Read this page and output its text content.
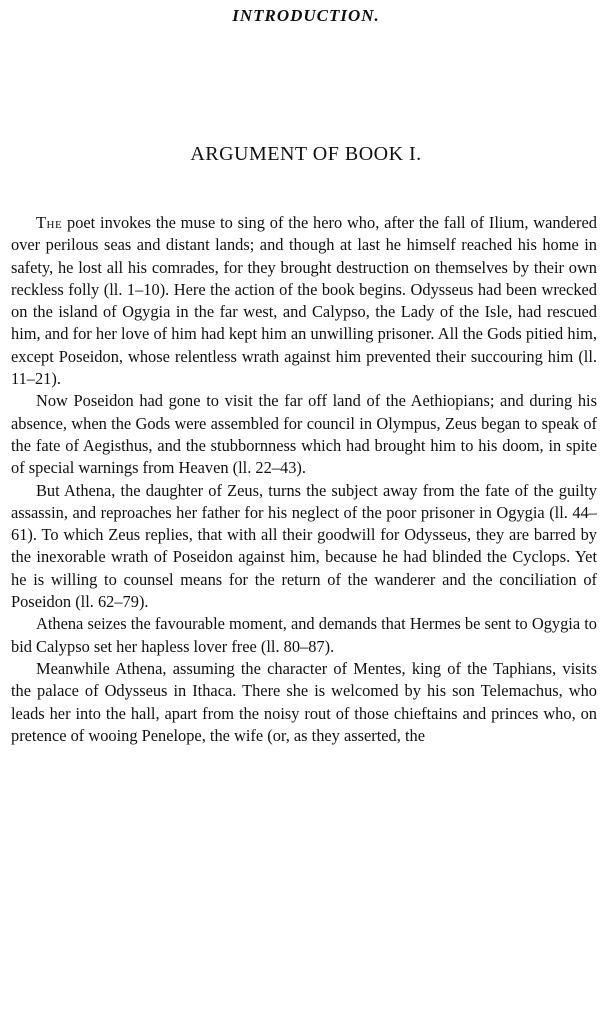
INTRODUCTION.
ARGUMENT OF BOOK I.

The poet invokes the muse to sing of the hero who, after the fall of Ilium, wandered over perilous seas and distant lands; and though at last he himself reached his home in safety, he lost all his comrades, for they brought destruction on themselves by their own reckless folly (ll. 1–10). Here the action of the book begins. Odysseus had been wrecked on the island of Ogygia in the far west, and Calypso, the Lady of the Isle, had rescued him, and for her love of him had kept him an unwilling prisoner. All the Gods pitied him, except Poseidon, whose relentless wrath against him prevented their succouring him (ll. 11–21).

Now Poseidon had gone to visit the far off land of the Aethiopians; and during his absence, when the Gods were assembled for council in Olympus, Zeus began to speak of the fate of Aegisthus, and the stubbornness which had brought him to his doom, in spite of special warnings from Heaven (ll. 22–43).

But Athena, the daughter of Zeus, turns the subject away from the fate of the guilty assassin, and reproaches her father for his neglect of the poor prisoner in Ogygia (ll. 44–61). To which Zeus replies, that with all their goodwill for Odysseus, they are barred by the inexorable wrath of Poseidon against him, because he had blinded the Cyclops. Yet he is willing to counsel means for the return of the wanderer and the conciliation of Poseidon (ll. 62–79).

Athena seizes the favourable moment, and demands that Hermes be sent to Ogygia to bid Calypso set her hapless lover free (ll. 80–87).

Meanwhile Athena, assuming the character of Mentes, king of the Taphians, visits the palace of Odysseus in Ithaca. There she is welcomed by his son Telemachus, who leads her into the hall, apart from the noisy rout of those chieftains and princes who, on pretence of wooing Penelope, the wife (or, as they asserted, the
